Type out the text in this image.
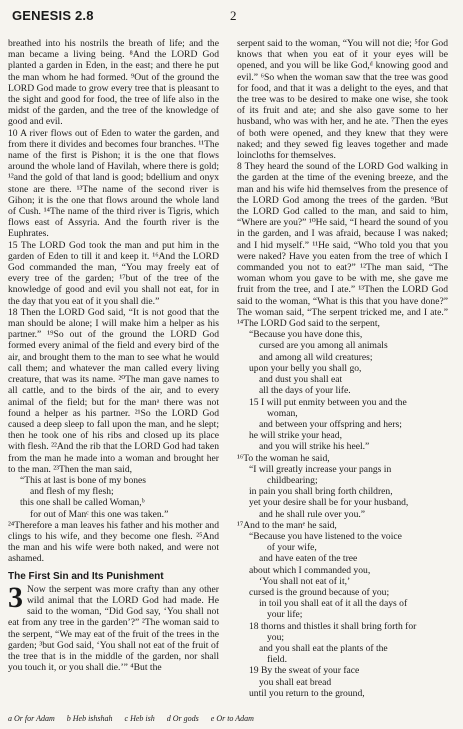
GENESIS 2.8	2

breathed into his nostrils the breath of life; and the man became a living being. ⁸And the LORD God planted a garden in Eden, in the east; and there he put the man whom he had formed. ⁹Out of the ground the LORD God made to grow every tree that is pleasant to the sight and good for food, the tree of life also in the midst of the garden, and the tree of the knowledge of good and evil.

10 A river flows out of Eden to water the garden, and from there it divides and becomes four branches. ¹¹The name of the first is Pishon; it is the one that flows around the whole land of Havilah, where there is gold; ¹²and the gold of that land is good; bdellium and onyx stone are there. ¹³The name of the second river is Gihon; it is the one that flows around the whole land of Cush. ¹⁴The name of the third river is Tigris, which flows east of Assyria. And the fourth river is the Euphrates.

15 The LORD God took the man and put him in the garden of Eden to till it and keep it. ¹⁶And the LORD God commanded the man, “You may freely eat of every tree of the garden; ¹⁷but of the tree of the knowledge of good and evil you shall not eat, for in the day that you eat of it you shall die.”

18 Then the LORD God said, “It is not good that the man should be alone; I will make him a helper as his partner.” ¹⁹So out of the ground the LORD God formed every animal of the field and every bird of the air, and brought them to the man to see what he would call them; and whatever the man called every living creature, that was its name. ²⁰The man gave names to all cattle, and to the birds of the air, and to every animal of the field; but for the manᵃ there was not found a helper as his partner. ²¹So the LORD God caused a deep sleep to fall upon the man, and he slept; then he took one of his ribs and closed up its place with flesh. ²²And the rib that the LORD God had taken from the man he made into a woman and brought her to the man. ²³Then the man said,

“This at last is bone of my bones

and flesh of my flesh;

this one shall be called Woman,ᵇ

for out of Manᶜ this one was taken.”

²⁴Therefore a man leaves his father and his mother and clings to his wife, and they become one flesh. ²⁵And the man and his wife were both naked, and were not ashamed.

The First Sin and Its Punishment

3 Now the serpent was more crafty than any other wild animal that the LORD God had made. He said to the woman, “Did God say, ‘You shall not eat from any tree in the garden’?” ²The woman said to the serpent, “We may eat of the fruit of the trees in the garden; ³but God said, ‘You shall not eat of the fruit of the tree that is in the middle of the garden, nor shall you touch it, or you shall die.’” ⁴But the

serpent said to the woman, “You will not die; ⁵for God knows that when you eat of it your eyes will be opened, and you will be like God,ᵈ knowing good and evil.” ⁶So when the woman saw that the tree was good for food, and that it was a delight to the eyes, and that the tree was to be desired to make one wise, she took of its fruit and ate; and she also gave some to her husband, who was with her, and he ate. ⁷Then the eyes of both were opened, and they knew that they were naked; and they sewed fig leaves together and made loincloths for themselves.

8 They heard the sound of the LORD God walking in the garden at the time of the evening breeze, and the man and his wife hid themselves from the presence of the LORD God among the trees of the garden. ⁹But the LORD God called to the man, and said to him, “Where are you?” ¹⁰He said, “I heard the sound of you in the garden, and I was afraid, because I was naked; and I hid myself.” ¹¹He said, “Who told you that you were naked? Have you eaten from the tree of which I commanded you not to eat?” ¹²The man said, “The woman whom you gave to be with me, she gave me fruit from the tree, and I ate.” ¹³Then the LORD God said to the woman, “What is this that you have done?” The woman said, “The serpent tricked me, and I ate.” ¹⁴The LORD God said to the serpent,

“Because you have done this,

cursed are you among all animals

and among all wild creatures;

upon your belly you shall go,

and dust you shall eat

all the days of your life.

15 I will put enmity between you and the

woman,

and between your offspring and hers;

he will strike your head,

and you will strike his heel.”

¹⁶To the woman he said,

“I will greatly increase your pangs in

childbearing;

in pain you shall bring forth children,

yet your desire shall be for your husband,

and he shall rule over you.”

¹⁷And to the manᵉ he said,

“Because you have listened to the voice

of your wife,

and have eaten of the tree

about which I commanded you,

‘You shall not eat of it,’

cursed is the ground because of you;

in toil you shall eat of it all the days of

your life;

18 thorns and thistles it shall bring forth for

you;

and you shall eat the plants of the

field.

19 By the sweat of your face

you shall eat bread

until you return to the ground,

a Or for Adam b Heb ishshah c Heb ish d Or gods e Or to Adam
